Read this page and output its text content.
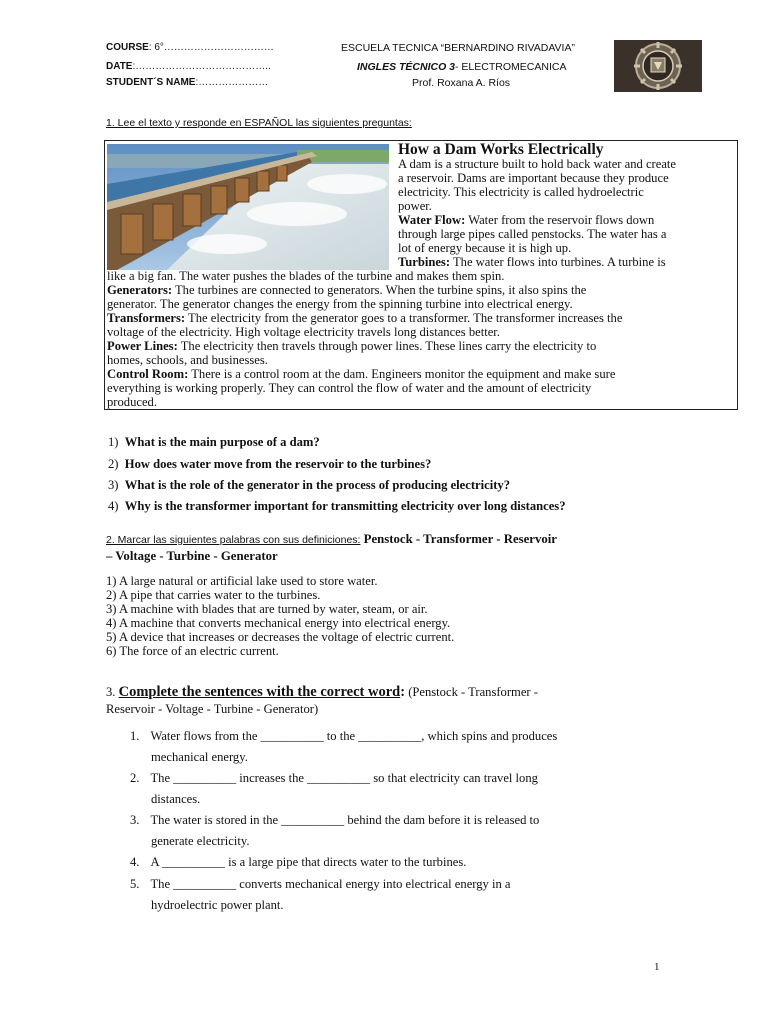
COURSE: 6°……………………………
DATE:…………………………………..
STUDENT´S NAME:…………………
ESCUELA TECNICA “BERNARDINO RIVADAVIA”
INGLES TÉCNICO 3- ELECTROMECANICA
Prof. Roxana A. Ríos
1. Lee el texto y responde en ESPAÑOL las siguientes preguntas:
How a Dam Works Electrically
A dam is a structure built to hold back water and create
a reservoir. Dams are important because they produce
electricity. This electricity is called hydroelectric
power.
Water Flow: Water from the reservoir flows down
through large pipes called penstocks. The water has a
lot of energy because it is high up.
Turbines: The water flows into turbines. A turbine is
like a big fan. The water pushes the blades of the turbine and makes them spin.
Generators: The turbines are connected to generators. When the turbine spins, it also spins the
generator. The generator changes the energy from the spinning turbine into electrical energy.
Transformers: The electricity from the generator goes to a transformer. The transformer increases the
voltage of the electricity. High voltage electricity travels long distances better.
Power Lines: The electricity then travels through power lines. These lines carry the electricity to
homes, schools, and businesses.
Control Room: There is a control room at the dam. Engineers monitor the equipment and make sure
everything is working properly. They can control the flow of water and the amount of electricity
produced.
1) What is the main purpose of a dam?
2) How does water move from the reservoir to the turbines?
3) What is the role of the generator in the process of producing electricity?
4) Why is the transformer important for transmitting electricity over long distances?
2. Marcar las siguientes palabras con sus definiciones: Penstock - Transformer - Reservoir
– Voltage - Turbine - Generator
1) A large natural or artificial lake used to store water.
2) A pipe that carries water to the turbines.
3) A machine with blades that are turned by water, steam, or air.
4) A machine that converts mechanical energy into electrical energy.
5) A device that increases or decreases the voltage of electric current.
6) The force of an electric current.
3. Complete the sentences with the correct word: (Penstock - Transformer -
Reservoir - Voltage - Turbine - Generator)
1. Water flows from the __________ to the __________, which spins and produces
mechanical energy.
2. The __________ increases the __________ so that electricity can travel long
distances.
3. The water is stored in the __________ behind the dam before it is released to
generate electricity.
4. A __________ is a large pipe that directs water to the turbines.
5. The __________ converts mechanical energy into electrical energy in a
hydroelectric power plant.
1
